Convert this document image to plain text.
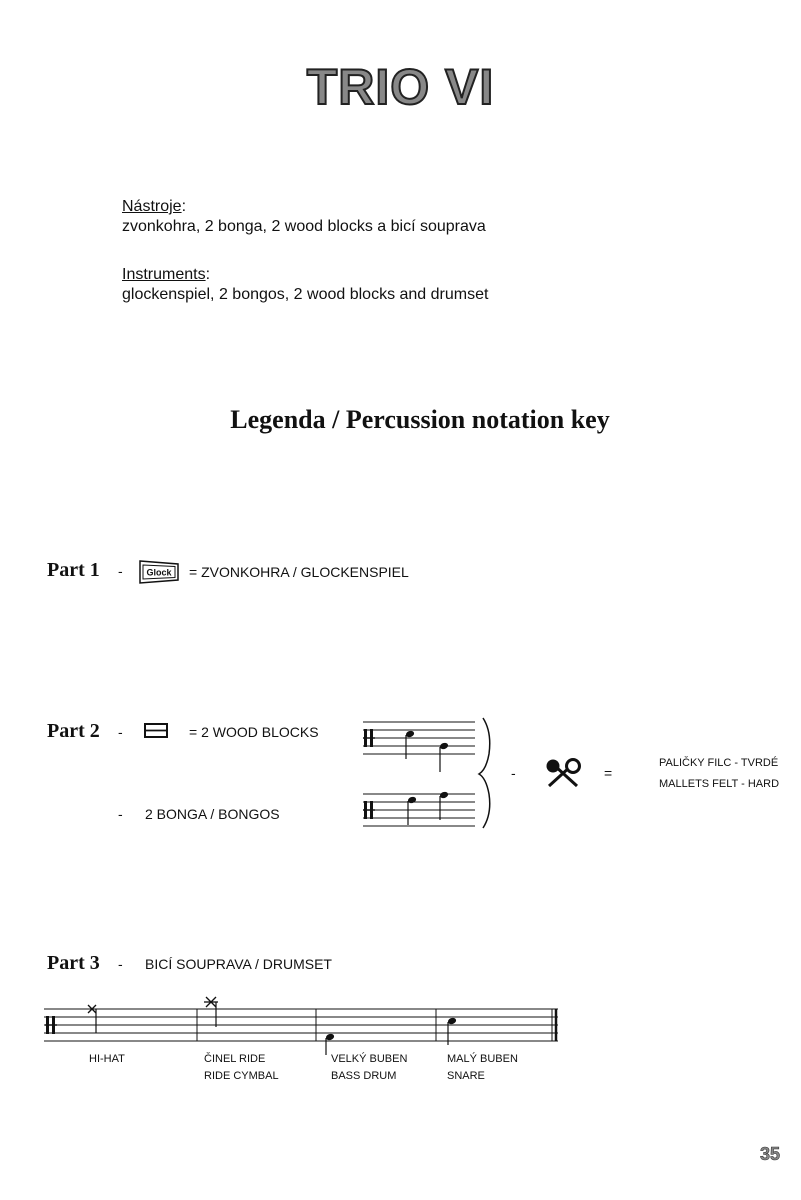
TRIO VI
Nástroje:
zvonkohra, 2 bonga, 2 wood blocks a bicí souprava
Instruments:
glockenspiel, 2 bongos, 2 wood blocks and drumset
Legenda / Percussion notation key
Part 1 -	Glock = ZVONKOHRA / GLOCKENSPIEL
Part 2 -	= 2 WOOD BLOCKS
- 2 BONGA / BONGOS
-	=
PALIČKY FILC - TVRDÉ
MALLETS FELT - HARD
Part 3 - BICÍ SOUPRAVA / DRUMSET
HI-HAT	ČINEL RIDE
RIDE CYMBAL
VELKÝ BUBEN
BASS DRUM
MALÝ BUBEN
SNARE
35
